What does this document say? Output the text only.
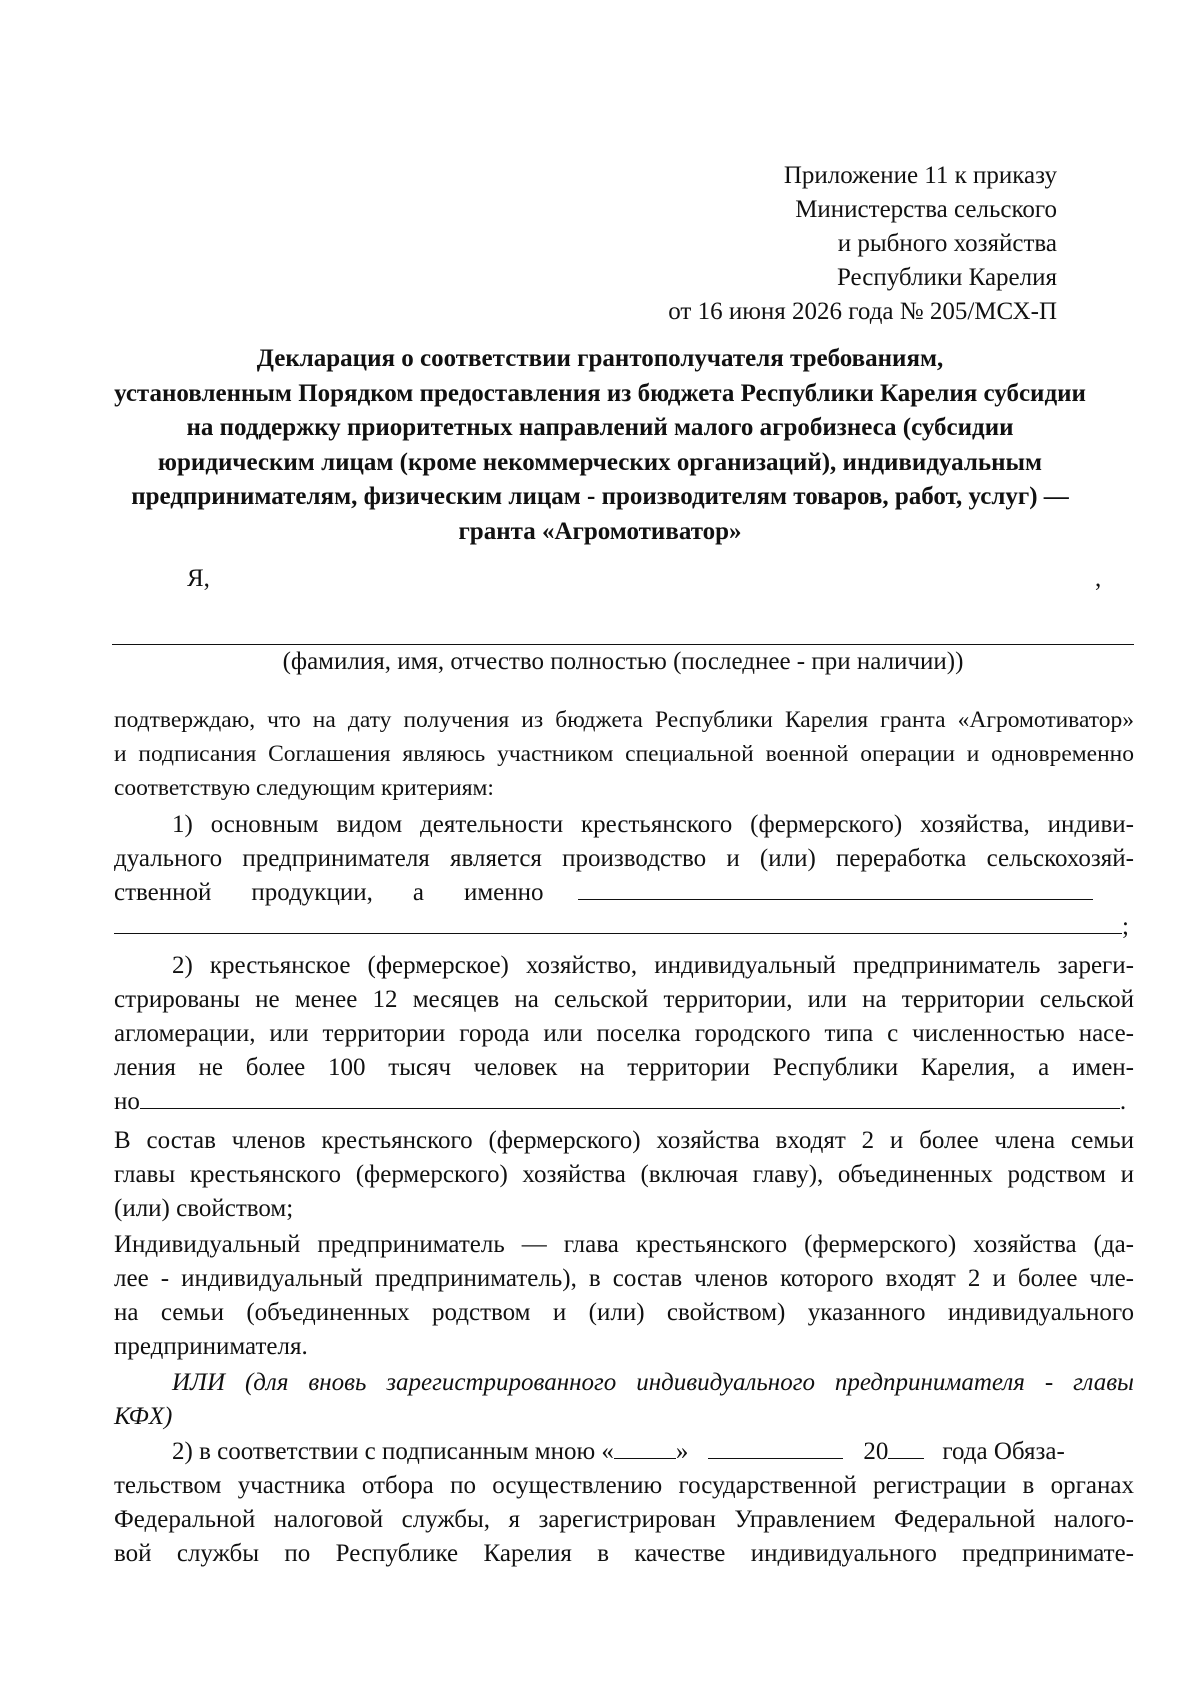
Приложение 11 к приказу
Министерства сельского
и рыбного хозяйства
Республики Карелия
от 16 июня 2026 года № 205/МСХ-П
Декларация о соответствии грантополучателя требованиям,
установленным Порядком предоставления из бюджета Республики Карелия субсидии
на поддержку приоритетных направлений малого агробизнеса (субсидии
юридическим лицам (кроме некоммерческих организаций), индивидуальным
предпринимателям, физическим лицам - производителям товаров, работ, услуг) —
гранта «Агромотиватор»
Я,	,
(фамилия, имя, отчество полностью (последнее - при наличии))
подтверждаю, что на дату получения из бюджета Республики Карелия гранта «Агромотиватор»
и подписания Соглашения являюсь участником специальной военной операции и одновременно
соответствую следующим критериям:
1) основным видом деятельности крестьянского (фермерского) хозяйства, индиви-
дуального предпринимателя является производство и (или) переработка сельскохозяй-
ственной продукции, а именно
;
2) крестьянское (фермерское) хозяйство, индивидуальный предприниматель зареги-
стрированы не менее 12 месяцев на сельской территории, или на территории сельской
агломерации, или территории города или поселка городского типа с численностью насе-
ления не более 100 тысяч человек на территории Республики Карелия, а имен-
но	.
В состав членов крестьянского (фермерского) хозяйства входят 2 и более члена семьи
главы крестьянского (фермерского) хозяйства (включая главу), объединенных родством и
(или) свойством;
Индивидуальный предприниматель — глава крестьянского (фермерского) хозяйства (да-
лее - индивидуальный предприниматель), в состав членов которого входят 2 и более чле-
на семьи (объединенных родством и (или) свойством) указанного индивидуального
предпринимателя.
ИЛИ (для вновь зарегистрированного индивидуального предпринимателя - главы
КФХ)
2) в соответствии с подписанным мною « »	20 года Обяза-
тельством участника отбора по осуществлению государственной регистрации в органах
Федеральной налоговой службы, я зарегистрирован Управлением Федеральной налого-
вой службы по Республике Карелия в качестве индивидуального предпринимате-
